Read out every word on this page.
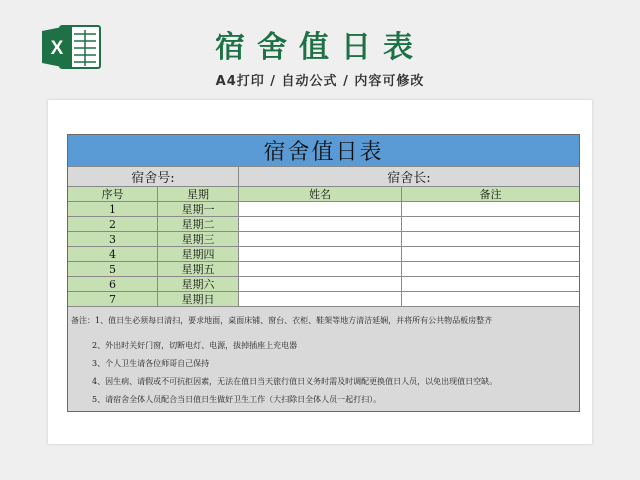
X	宿舍值日表
A4打印 / 自动公式 / 内容可修改
宿舍值日表
宿舍号:	宿舍长:
序号	星期	姓名	备注
1	星期一
2	星期二
3	星期三
4	星期四
5	星期五
6	星期六
7	星期日
备注：1、值日生必须每日清扫，要求地面，桌面床铺、窗台、衣柜、鞋架等地方清洁延娴，并将所有公共物品板房整齐
2、外出时关好门窗，切断电灯、电源，拔掉插座上充电器
3、个人卫生请各位师哥自己保持
4、因生病、请假或不可抗拒因素，无法在值日当天旅行值日义务时需及时调配更换值日人员，以免出现值日空缺。
5、请宿舍全体人员配合当日值日生做好卫生工作（大扫除日全体人员一起打扫）。
